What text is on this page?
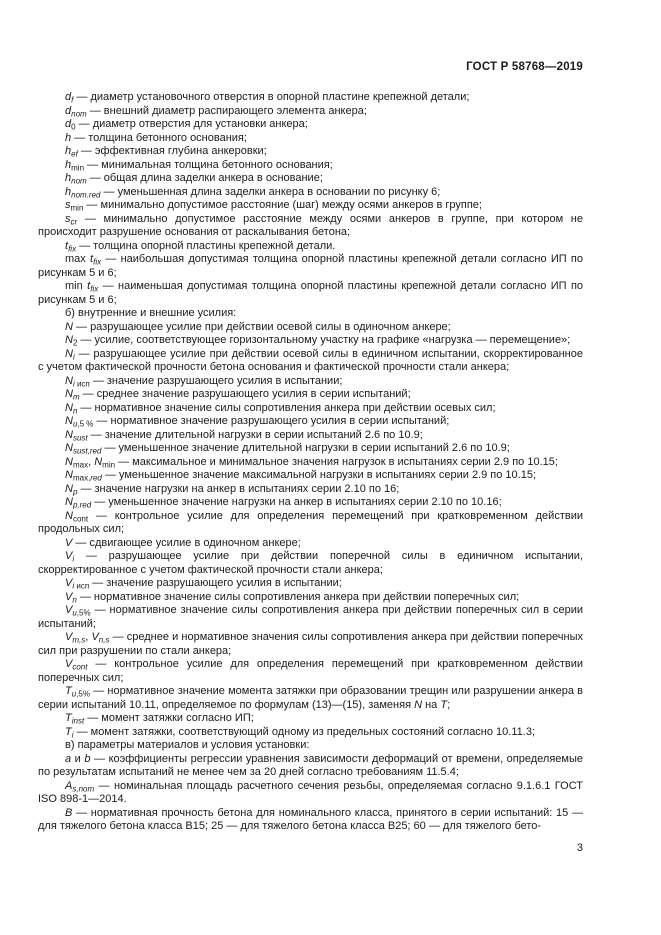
ГОСТ Р 58768—2019

$d_f$ — диаметр установочного отверстия в опорной пластине крепежной детали;

$d_{nom}$ — внешний диаметр распирающего элемента анкера;

$d_0$ — диаметр отверстия для установки анкера;

h — толщина бетонного основания;

$h_{ef}$ — эффективная глубина анкеровки;

$h_{min}$ — минимальная толщина бетонного основания;

$h_{nom}$ — общая длина заделки анкера в основание;

$h_{nom.red}$ — уменьшенная длина заделки анкера в основании по рисунку 6;

$s_{min}$ — минимально допустимое расстояние (шаг) между осями анкеров в группе;

$s_{cr}$ — минимально допустимое расстояние между осями анкеров в группе, при котором не происходит разрушение основания от раскалывания бетона;

$t_{fix}$ — толщина опорной пластины крепежной детали.

$\max t_{fix}$ — наибольшая допустимая толщина опорной пластины крепежной детали согласно ИП по рисункам 5 и 6;

$\min t_{fix}$ — наименьшая допустимая толщина опорной пластины крепежной детали согласно ИП по рисункам 5 и 6;

б) внутренние и внешние усилия:

N — разрушающее усилие при действии осевой силы в одиночном анкере;

$N_2$ — усилие, соответствующее горизонтальному участку на графике «нагрузка — перемещение»;

$N_i$ — разрушающее усилие при действии осевой силы в единичном испытании, скорректированное с учетом фактической прочности бетона основания и фактической прочности стали анкера;

$N_i$ $_{исп}$ — значение разрушающего усилия в испытании;

$N_m$ — среднее значение разрушающего усилия в серии испытаний;

$N_n$ — нормативное значение силы сопротивления анкера при действии осевых сил;

$N_{u,5 \%}$ — нормативное значение разрушающего усилия в серии испытаний;

$N_{sust}$ — значение длительной нагрузки в серии испытаний 2.6 по 10.9;

$N_{sust,red}$ — уменьшенное значение длительной нагрузки в серии испытаний 2.6 по 10.9;

$N_{max}$, $N_{min}$ — максимальное и минимальное значения нагрузок в испытаниях серии 2.9 по 10.15;

$N_{max,red}$ — уменьшенное значение максимальной нагрузки в испытаниях серии 2.9 по 10.15;

$N_p$ — значение нагрузки на анкер в испытаниях серии 2.10 по 16;

$N_{p,red}$ — уменьшенное значение нагрузки на анкер в испытаниях серии 2.10 по 10.16;

$N_{cont}$ — контрольное усилие для определения перемещений при кратковременном действии продольных сил;

V — сдвигающее усилие в одиночном анкере;

$V_i$ — разрушающее усилие при действии поперечной силы в единичном испытании, скорректированное с учетом фактической прочности стали анкера;

$V_i$ $_{исп}$ — значение разрушающего усилия в испытании;

$V_n$ — нормативное значение силы сопротивления анкера при действии поперечных сил;

$V_{u,5\%}$ — нормативное значение силы сопротивления анкера при действии поперечных сил в серии испытаний;

$V_{m,s}$, $V_{n,s}$ — среднее и нормативное значения силы сопротивления анкера при действии поперечных сил при разрушении по стали анкера;

$V_{cont}$ — контрольное усилие для определения перемещений при кратковременном действии поперечных сил;

$T_{u,5\%}$ — нормативное значение момента затяжки при образовании трещин или разрушении анкера в серии испытаний 10.11, определяемое по формулам (13)—(15), заменяя N на T;

$T_{inst}$ — момент затяжки согласно ИП;

$T_i$ — момент затяжки, соответствующий одному из предельных состояний согласно 10.11.3;

в) параметры материалов и условия установки:

a и b — коэффициенты регрессии уравнения зависимости деформаций от времени, определяемые по результатам испытаний не менее чем за 20 дней согласно требованиям 11.5.4;

$A_{s,nom}$ — номинальная площадь расчетного сечения резьбы, определяемая согласно 9.1.6.1 ГОСТ ISO 898-1—2014.

В — нормативная прочность бетона для номинального класса, принятого в серии испытаний: 15 — для тяжелого бетона класса В15; 25 — для тяжелого бетона класса В25; 60 — для тяжелого бето-

3
